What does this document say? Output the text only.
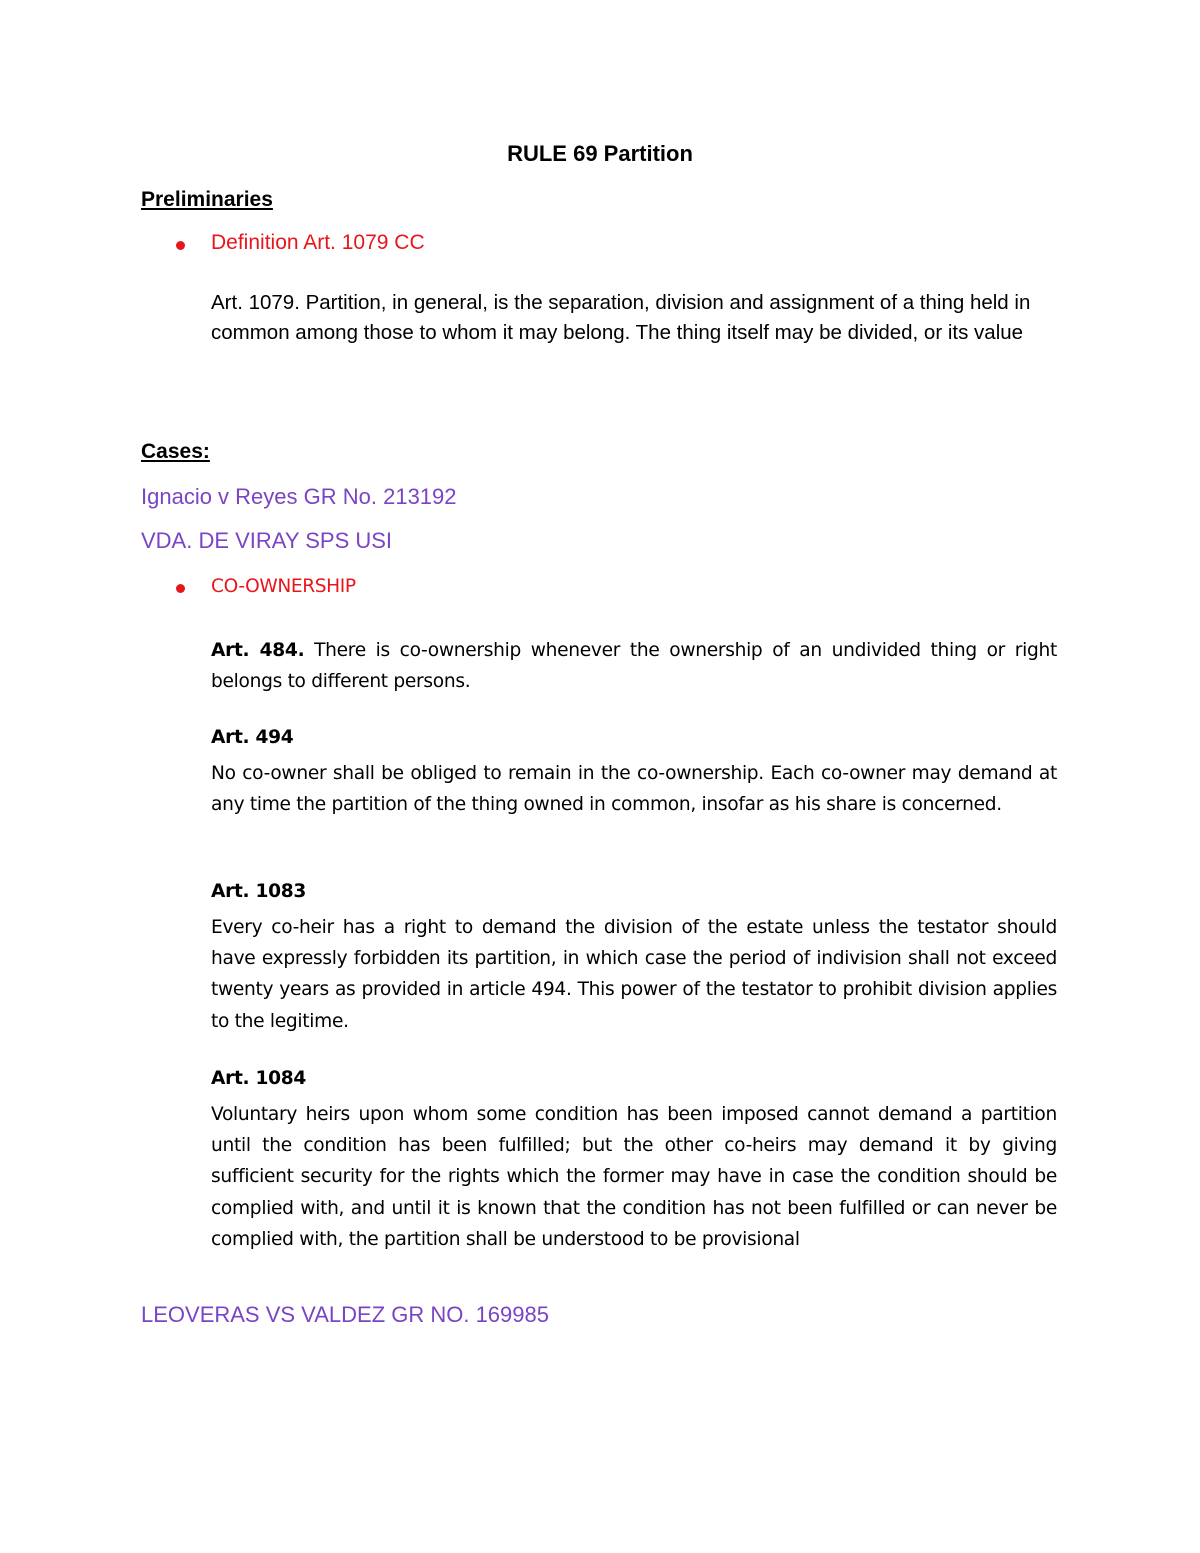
RULE 69 Partition
Preliminaries
Definition Art. 1079 CC

Art. 1079. Partition, in general, is the separation, division and assignment of a thing held in common among those to whom it may belong. The thing itself may be divided, or its value

Cases:
Ignacio v Reyes GR No. 213192
VDA. DE VIRAY SPS USI
CO-OWNERSHIP

Art. 484. There is co-ownership whenever the ownership of an undivided thing or right belongs to different persons.

Art. 494

No co-owner shall be obliged to remain in the co-ownership. Each co-owner may demand at any time the partition of the thing owned in common, insofar as his share is concerned.

Art. 1083

Every co-heir has a right to demand the division of the estate unless the testator should have expressly forbidden its partition, in which case the period of indivision shall not exceed twenty years as provided in article 494. This power of the testator to prohibit division applies to the legitime.

Art. 1084

Voluntary heirs upon whom some condition has been imposed cannot demand a partition until the condition has been fulfilled; but the other co-heirs may demand it by giving sufficient security for the rights which the former may have in case the condition should be complied with, and until it is known that the condition has not been fulfilled or can never be complied with, the partition shall be understood to be provisional

LEOVERAS VS VALDEZ GR NO. 169985
